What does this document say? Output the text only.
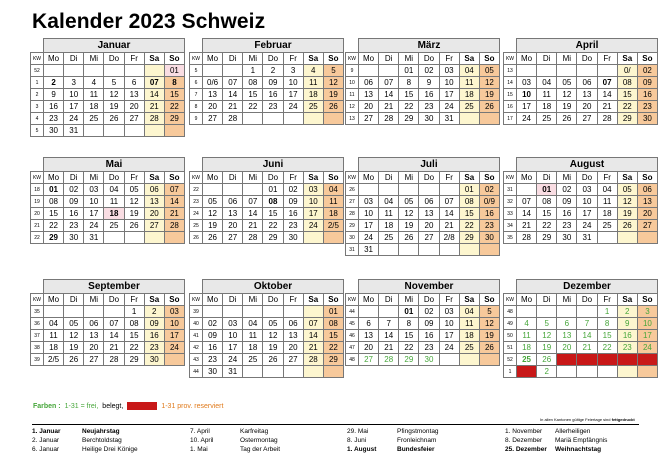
Kalender 2023 Schweiz
	Januar						
KW	Mo	Di	Mi	Do	Fr	Sa	So
52							01
1	2	3	4	5	6	07	8
2	9	10	11	12	13	14	15
3	16	17	18	19	20	21	22
4	23	24	25	26	27	28	29
5	30	31					
	Februar						
KW	Mo	Di	Mi	Do	Fr	Sa	So
5			1	2	3	4	5
6	0/6	07	08	09	10	11	12
7	13	14	15	16	17	18	19
8	20	21	22	23	24	25	26
9	27	28					
	März						
KW	Mo	Di	Mi	Do	Fr	Sa	So
9			01	02	03	04	05
10	06	07	8	9	10	11	12
11	13	14	15	16	17	18	19
12	20	21	22	23	24	25	26
13	27	28	29	30	31		
	April						
KW	Mo	Di	Mi	Do	Fr	Sa	So
13						0/	02
14	03	04	05	06	07	08	09
15	10	11	12	13	14	15	16
16	17	18	19	20	21	22	23
17	24	25	26	27	28	29	30
	Mai						
KW	Mo	Di	Mi	Do	Fr	Sa	So
18	01	02	03	04	05	06	07
19	08	09	10	11	12	13	14
20	15	16	17	18	19	20	21
21	22	23	24	25	26	27	28
22	29	30	31				
	Juni						
KW	Mo	Di	Mi	Do	Fr	Sa	So
22				01	02	03	04
23	05	06	07	08	09	10	11
24	12	13	14	15	16	17	18
25	19	20	21	22	23	24	2/5
26	26	27	28	29	30		
	Juli						
KW	Mo	Di	Mi	Do	Fr	Sa	So
26						01	02
27	03	04	05	06	07	08	0/9
28	10	11	12	13	14	15	16
29	17	18	19	20	21	22	23
30	24	25	26	27	2/8	29	30
31	31						
	August						
KW	Mo	Di	Mi	Do	Fr	Sa	So
31		01	02	03	04	05	06
32	07	08	09	10	11	12	13
33	14	15	16	17	18	19	20
34	21	22	23	24	25	26	27
35	28	29	30	31			
	September						
KW	Mo	Di	Mi	Do	Fr	Sa	So
35					1	2	03
36	04	05	06	07	08	09	10
37	11	12	13	14	15	16	17
38	18	19	20	21	22	23	24
39	2/5	26	27	28	29	30	
	Oktober						
KW	Mo	Di	Mi	Do	Fr	Sa	So
39							01
40	02	03	04	05	06	07	08
41	09	10	11	12	13	14	15
42	16	17	18	19	20	21	22
43	23	24	25	26	27	28	29
44	30	31					
	November						
KW	Mo	Di	Mi	Do	Fr	Sa	So
44			01	02	03	04	5
45	6	7	8	09	10	11	12
46	13	14	15	16	17	18	19
47	20	21	22	23	24	25	26
48	27	28	29	30			
	Dezember						
KW	Mo	Di	Mi	Do	Fr	Sa	So
48					1	2	3
49	4	5	6	7	8	9	10
50	11	12	13	14	15	16	17
51	18	19	20	21	22	23	24
52	25	26	27	28	29	30	31
1		2					
Farben : 1-31 = frei, belegt,	1-31 prov. reserviert
In allen Kantonen gültige Feiertage sind fettgedruckt
1. Januar	Neujahrstag
2. Januar	Berchtoldstag
6. Januar	Heilige Drei Könige
7. April	Karfreitag
10. April	Ostermontag
1. Mai	Tag der Arbeit
29. Mai	Pfingstmontag
8. Juni	Fronleichnam
1. August	Bundesfeier
1. November Allerheiligen
8. Dezember Mariä Empfängnis
25. Dezember Weihnachtstag
